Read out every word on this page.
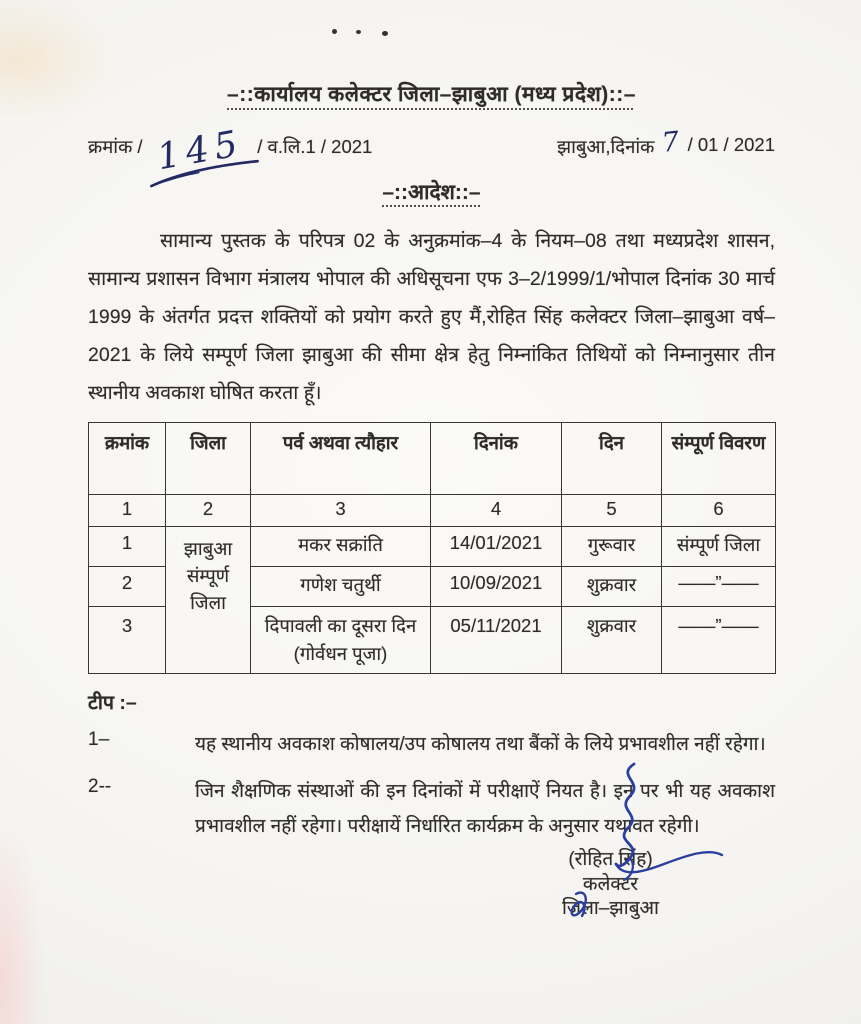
–::कार्यालय कलेक्टर जिला–झाबुआ (मध्य प्रदेश)::–
क्रमांक / 145 / व.लि.1 / 2021	झाबुआ,दिनांक 7 / 01 / 2021
–::आदेश::–

सामान्य पुस्तक के परिपत्र 02 के अनुक्रमांक–4 के नियम–08 तथा मध्यप्रदेश शासन, सामान्य प्रशासन विभाग मंत्रालय भोपाल की अधिसूचना एफ 3–2/1999/1/भोपाल दिनांक 30 मार्च 1999 के अंतर्गत प्रदत्त शक्तियों को प्रयोग करते हुए मैं,रोहित सिंह कलेक्टर जिला–झाबुआ वर्ष–2021 के लिये सम्पूर्ण जिला झाबुआ की सीमा क्षेत्र हेतु निम्नांकित तिथियों को निम्नानुसार तीन स्थानीय अवकाश घोषित करता हूँ।

क्रमांक	जिला	पर्व अथवा त्यौहार	दिनांक	दिन	संम्पूर्ण विवरण
1	2	3	4	5	6
1	झाबुआ संम्पूर्ण जिला	मकर सक्रांति	14/01/2021	गुरूवार	संम्पूर्ण जिला
2		गणेश चतुर्थी	10/09/2021	शुक्रवार	——”——
3		दिपावली का दूसरा दिन (गोर्वधन पूजा)	05/11/2021	शुक्रवार	——”——
टीप :–
1–	यह स्थानीय अवकाश कोषालय/उप कोषालय तथा बैंकों के लिये प्रभावशील नहीं रहेगा।
2--	जिन शैक्षणिक संस्थाओं की इन दिनांकों में परीक्षाऐं नियत है। इन पर भी यह अवकाश प्रभावशील नहीं रहेगा। परीक्षायें निर्धारित कार्यक्रम के अनुसार यथावत रहेगी।
(रोहित सिंह)
कलेक्टर
जिला–झाबुआ
